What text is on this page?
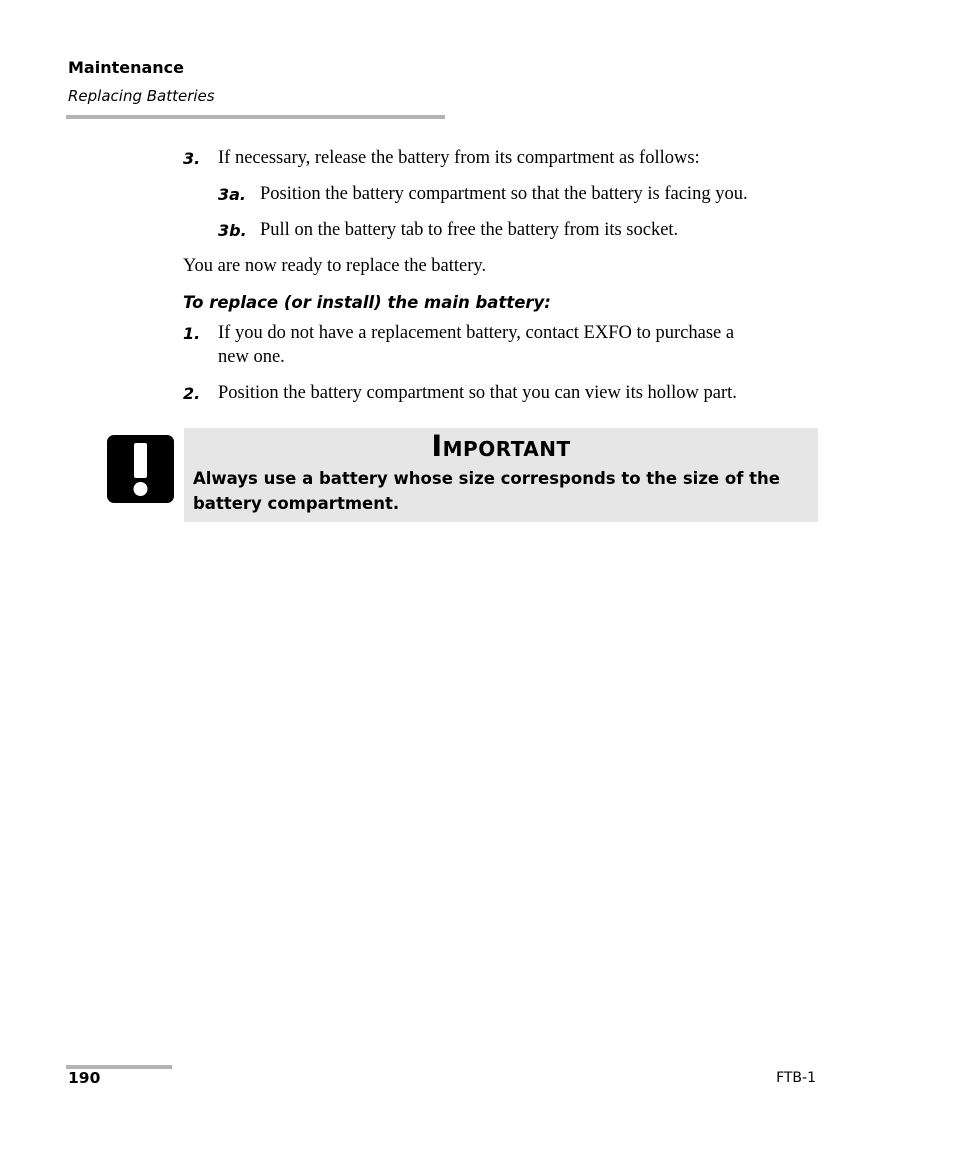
Maintenance
Replacing Batteries
3. If necessary, release the battery from its compartment as follows:
3a. Position the battery compartment so that the battery is facing you.
3b. Pull on the battery tab to free the battery from its socket.
You are now ready to replace the battery.
To replace (or install) the main battery:
1. If you do not have a replacement battery, contact EXFO to purchase a
new one.
2. Position the battery compartment so that you can view its hollow part.
Important
Always use a battery whose size corresponds to the size of the
battery compartment.
190	FTB-1
